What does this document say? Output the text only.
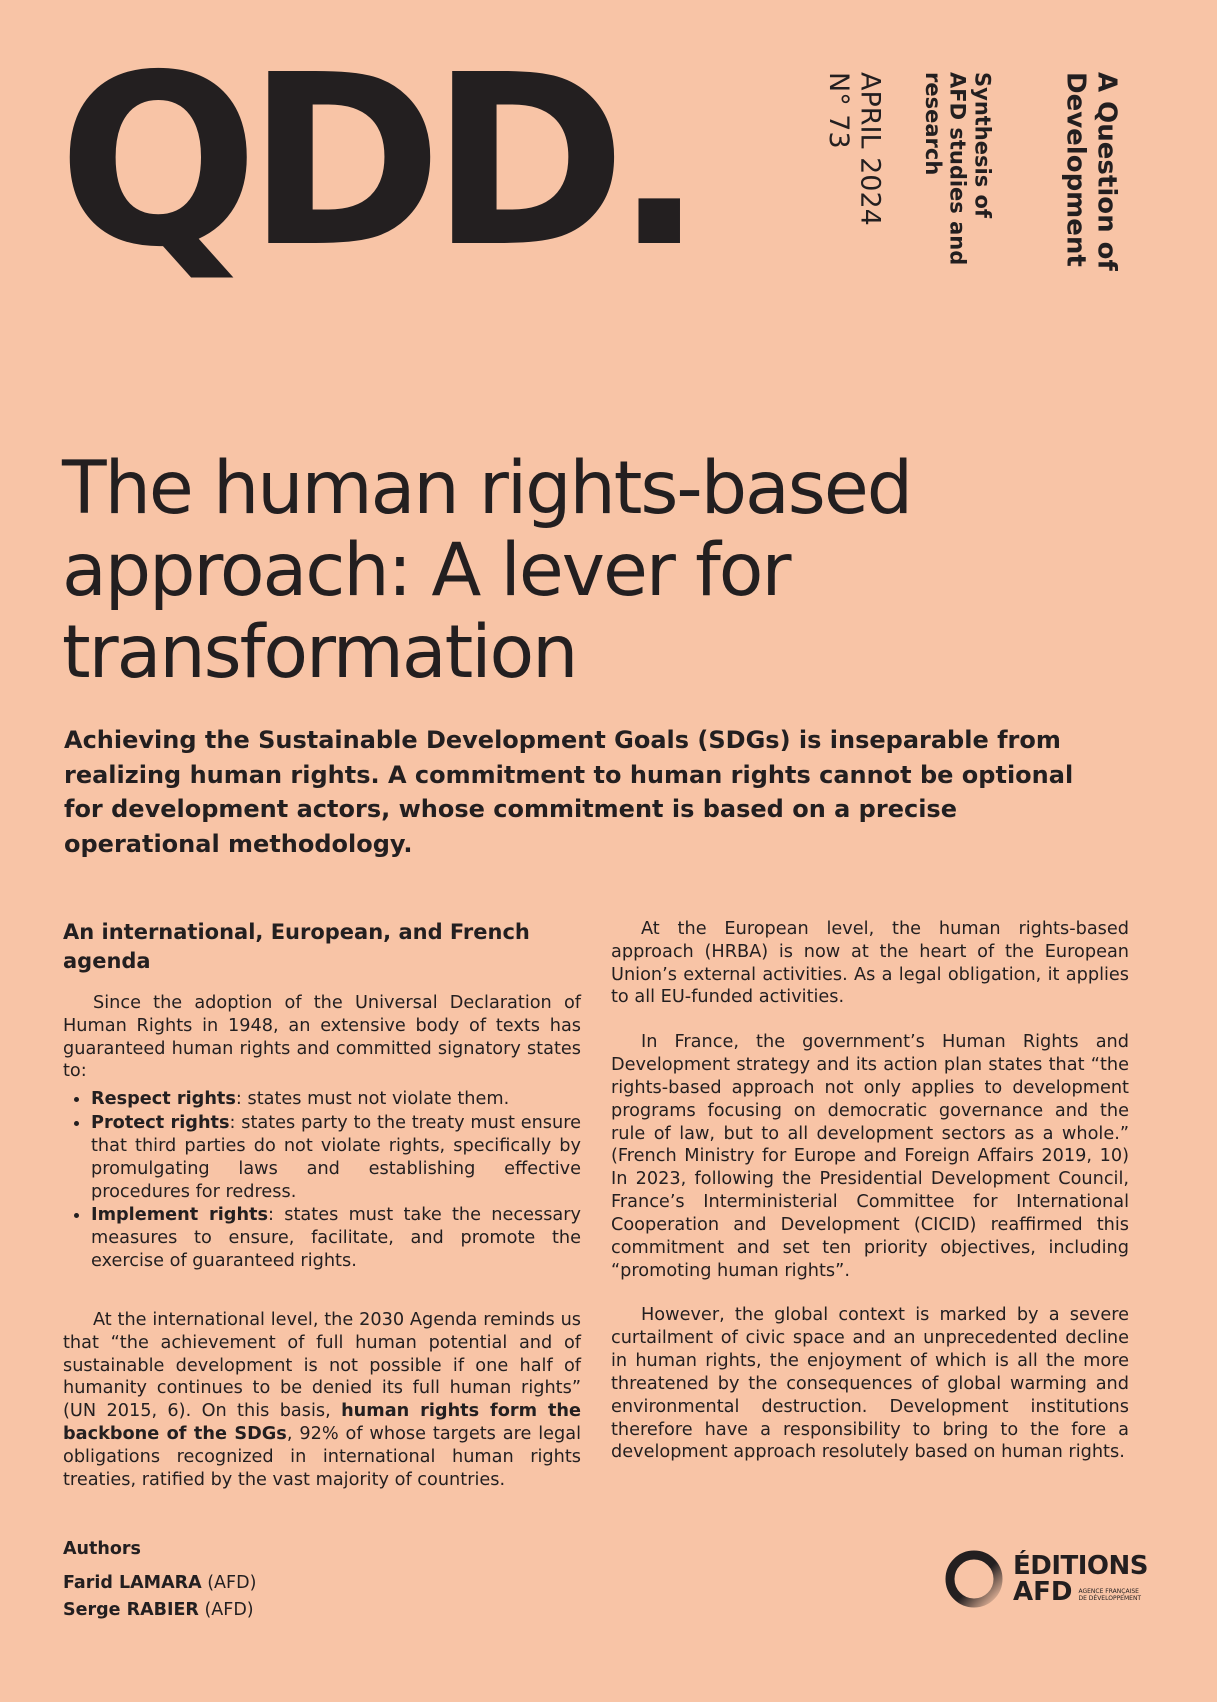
QDD.	A Question of
Development
Synthesis of
AFD studies and
research
APRIL 2024
N° 73
The human rights-based approach: A lever for transformation

Achieving the Sustainable Development Goals (SDGs) is inseparable from realizing human rights. A commitment to human rights cannot be optional for development actors, whose commitment is based on a precise operational methodology.

An international, European, and French agenda

Since the adoption of the Universal Declaration of Human Rights in 1948, an extensive body of texts has guaranteed human rights and committed signatory states to:

• Respect rights: states must not violate them.
• Protect rights: states party to the treaty must ensure that third parties do not violate rights, specifically by promulgating laws and establishing effective procedures for redress.
• Implement rights: states must take the necessary measures to ensure, facilitate, and promote the exercise of guaranteed rights.

At the international level, the 2030 Agenda reminds us that “the achievement of full human potential and of sustainable development is not possible if one half of humanity continues to be denied its full human rights” (UN 2015, 6). On this basis, human rights form the backbone of the SDGs, 92% of whose targets are legal obligations recognized in international human rights treaties, ratified by the vast majority of countries.

At the European level, the human rights-based approach (HRBA) is now at the heart of the European Union’s external activities. As a legal obligation, it applies to all EU-funded activities.

In France, the government’s Human Rights and Development strategy and its action plan states that “the rights-based approach not only applies to development programs focusing on democratic governance and the rule of law, but to all development sectors as a whole.” (French Ministry for Europe and Foreign Affairs 2019, 10) In 2023, following the Presidential Development Council, France’s Interministerial Committee for International Cooperation and Development (CICID) reaffirmed this commitment and set ten priority objectives, including “promoting human rights”.

However, the global context is marked by a severe curtailment of civic space and an unprecedented decline in human rights, the enjoyment of which is all the more threatened by the consequences of global warming and environmental destruction. Development institutions therefore have a responsibility to bring to the fore a development approach resolutely based on human rights.

Authors
Farid LAMARA (AFD)
Serge RABIER (AFD)
ÉDITIONS
AFD AGENCE FRANÇAISE
DE DÉVELOPPEMENT
